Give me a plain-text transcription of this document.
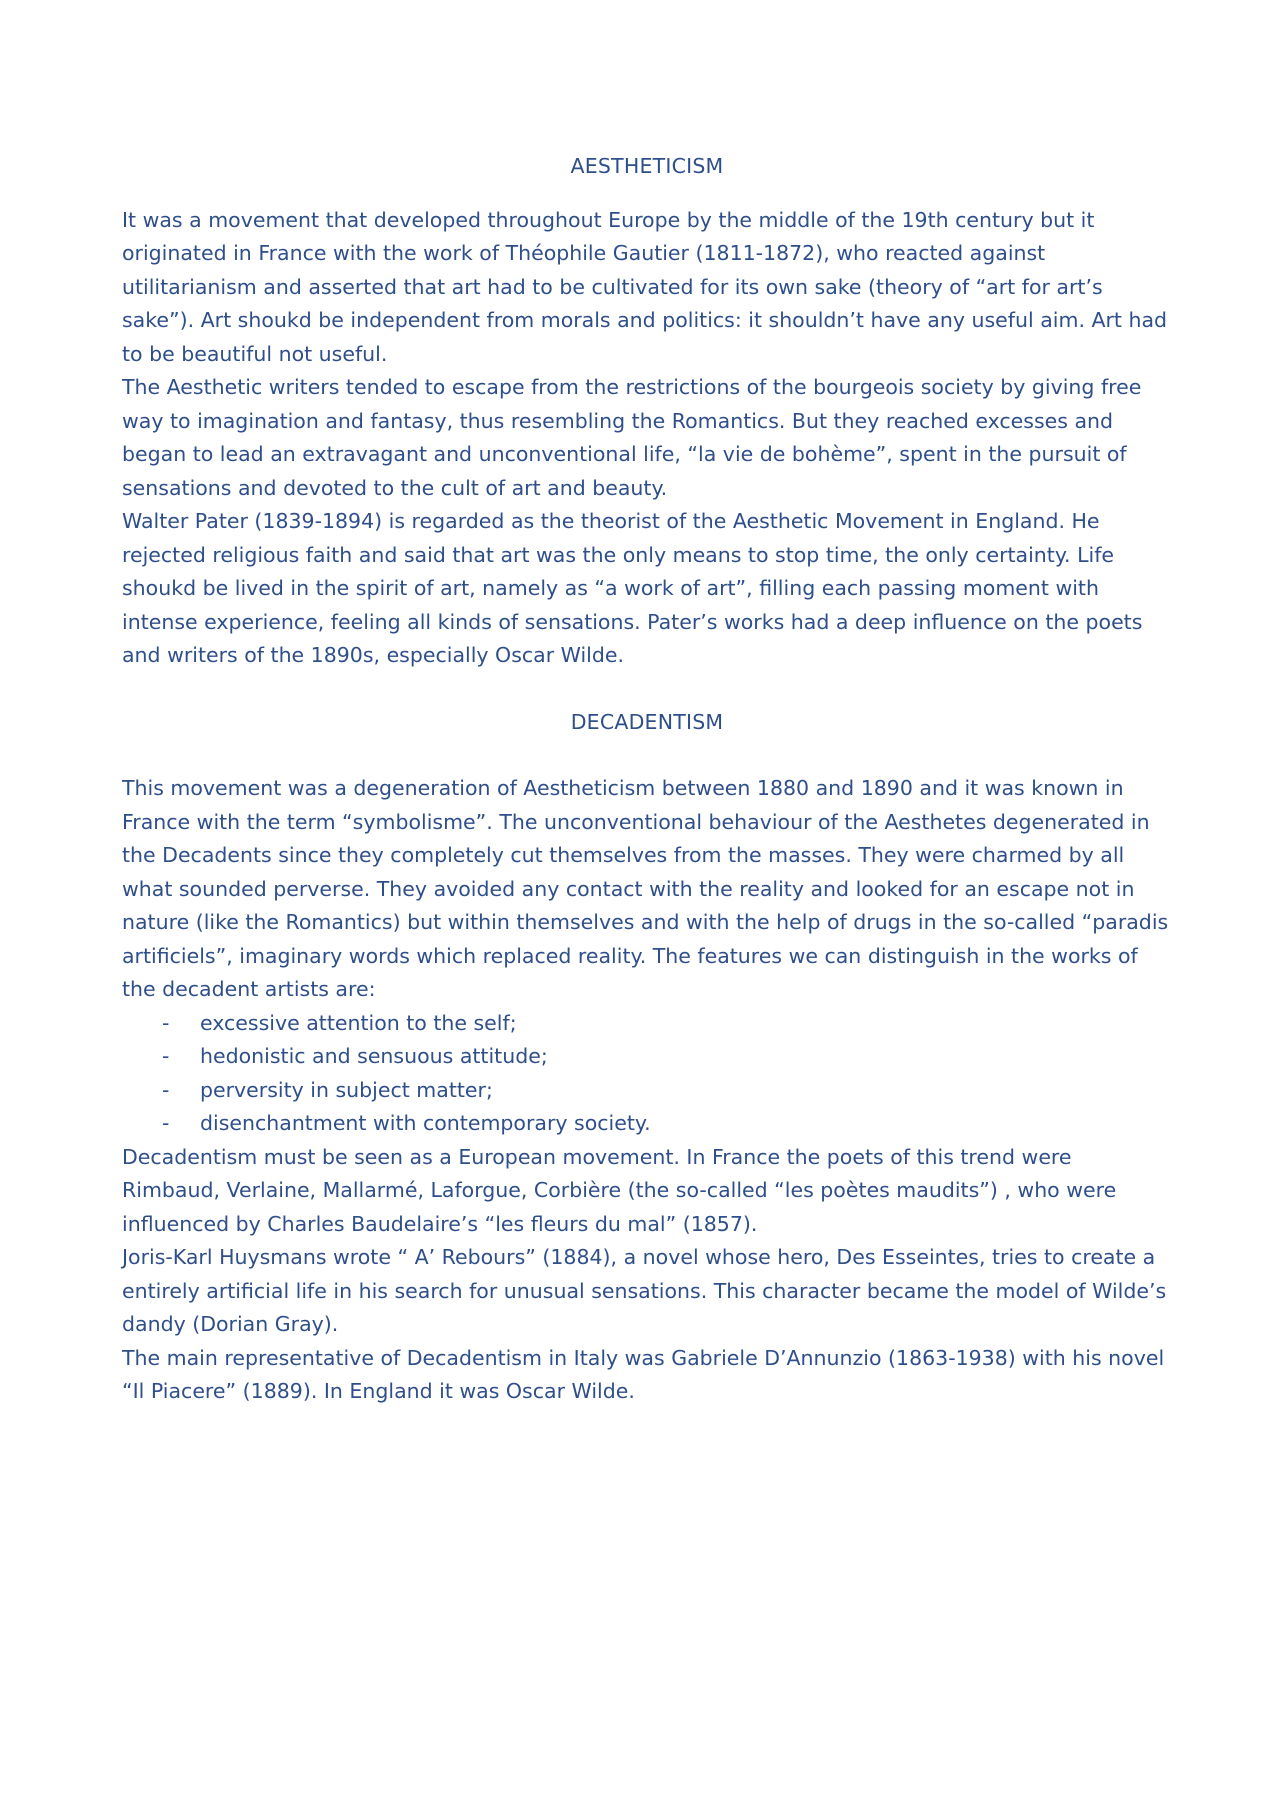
AESTHETICISM

It was a movement that developed throughout Europe by the middle of the 19th century but it originated in France with the work of Théophile Gautier (1811-1872), who reacted against utilitarianism and asserted that art had to be cultivated for its own sake (theory of “art for art’s sake”). Art shoukd be independent from morals and politics: it shouldn’t have any useful aim. Art had to be beautiful not useful.

The Aesthetic writers tended to escape from the restrictions of the bourgeois society by giving free way to imagination and fantasy, thus resembling the Romantics. But they reached excesses and began to lead an extravagant and unconventional life, “la vie de bohème”, spent in the pursuit of sensations and devoted to the cult of art and beauty.

Walter Pater (1839-1894) is regarded as the theorist of the Aesthetic Movement in England. He rejected religious faith and said that art was the only means to stop time, the only certainty. Life shoukd be lived in the spirit of art, namely as “a work of art”, filling each passing moment with intense experience, feeling all kinds of sensations. Pater’s works had a deep influence on the poets and writers of the 1890s, especially Oscar Wilde.

DECADENTISM

This movement was a degeneration of Aestheticism between 1880 and 1890 and it was known in France with the term “symbolisme”. The unconventional behaviour of the Aesthetes degenerated in the Decadents since they completely cut themselves from the masses. They were charmed by all what sounded perverse. They avoided any contact with the reality and looked for an escape not in nature (like the Romantics) but within themselves and with the help of drugs in the so-called “paradis artificiels”, imaginary words which replaced reality. The features we can distinguish in the works of the decadent artists are:

- excessive attention to the self;
- hedonistic and sensuous attitude;
- perversity in subject matter;
- disenchantment with contemporary society.

Decadentism must be seen as a European movement. In France the poets of this trend were Rimbaud, Verlaine, Mallarmé, Laforgue, Corbière (the so-called “les poètes maudits”) , who were influenced by Charles Baudelaire’s “les fleurs du mal” (1857).

Joris-Karl Huysmans wrote “ A’ Rebours” (1884), a novel whose hero, Des Esseintes, tries to create a entirely artificial life in his search for unusual sensations. This character became the model of Wilde’s dandy (Dorian Gray).

The main representative of Decadentism in Italy was Gabriele D’Annunzio (1863-1938) with his novel “Il Piacere” (1889). In England it was Oscar Wilde.
